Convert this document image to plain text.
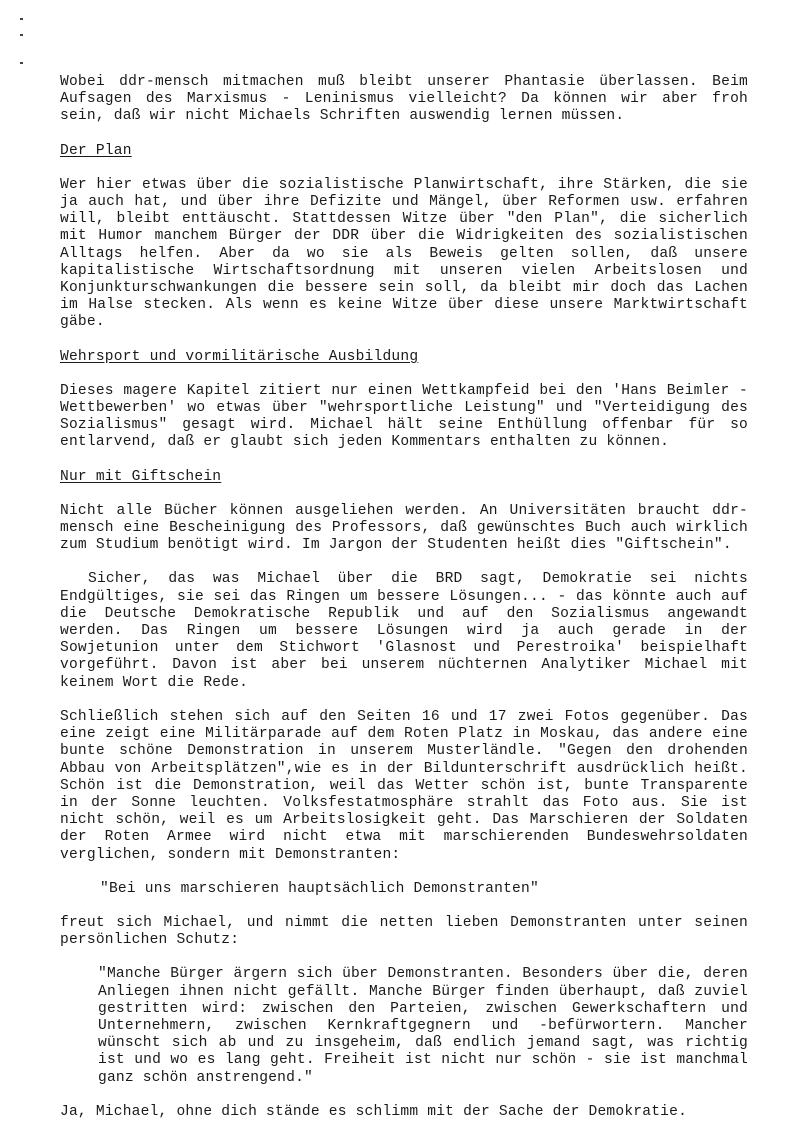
Wobei ddr-mensch mitmachen muß bleibt unserer Phantasie überlassen. Beim Aufsagen des Marxismus - Leninismus vielleicht? Da können wir aber froh sein, daß wir nicht Michaels Schriften auswendig lernen müssen.

Der Plan

Wer hier etwas über die sozialistische Planwirtschaft, ihre Stärken, die sie ja auch hat, und über ihre Defizite und Mängel, über Reformen usw. erfahren will, bleibt enttäuscht. Stattdessen Witze über "den Plan", die sicherlich mit Humor manchem Bürger der DDR über die Widrigkeiten des sozialistischen Alltags helfen. Aber da wo sie als Beweis gelten sollen, daß unsere kapitalistische Wirtschaftsordnung mit unseren vielen Arbeitslosen und Konjunkturschwankungen die bessere sein soll, da bleibt mir doch das Lachen im Halse stecken. Als wenn es keine Witze über diese unsere Marktwirtschaft gäbe.

Wehrsport und vormilitärische Ausbildung

Dieses magere Kapitel zitiert nur einen Wettkampfeid bei den 'Hans Beimler - Wettbewerben' wo etwas über "wehrsportliche Leistung" und "Verteidigung des Sozialismus" gesagt wird. Michael hält seine Enthüllung offenbar für so entlarvend, daß er glaubt sich jeden Kommentars enthalten zu können.

Nur mit Giftschein

Nicht alle Bücher können ausgeliehen werden. An Universitäten braucht ddr-mensch eine Bescheinigung des Professors, daß gewünschtes Buch auch wirklich zum Studium benötigt wird. Im Jargon der Studenten heißt dies "Giftschein".

Sicher, das was Michael über die BRD sagt, Demokratie sei nichts Endgültiges, sie sei das Ringen um bessere Lösungen... - das könnte auch auf die Deutsche Demokratische Republik und auf den Sozialismus angewandt werden. Das Ringen um bessere Lösungen wird ja auch gerade in der Sowjetunion unter dem Stichwort 'Glasnost und Perestroika' beispielhaft vorgeführt. Davon ist aber bei unserem nüchternen Analytiker Michael mit keinem Wort die Rede.

Schließlich stehen sich auf den Seiten 16 und 17 zwei Fotos gegenüber. Das eine zeigt eine Militärparade auf dem Roten Platz in Moskau, das andere eine bunte schöne Demonstration in unserem Musterländle. "Gegen den drohenden Abbau von Arbeitsplätzen",wie es in der Bildunterschrift ausdrücklich heißt. Schön ist die Demonstration, weil das Wetter schön ist, bunte Transparente in der Sonne leuchten. Volksfestatmosphäre strahlt das Foto aus. Sie ist nicht schön, weil es um Arbeitslosigkeit geht. Das Marschieren der Soldaten der Roten Armee wird nicht etwa mit marschierenden Bundeswehrsoldaten verglichen, sondern mit Demonstranten:

"Bei uns marschieren hauptsächlich Demonstranten"

freut sich Michael, und nimmt die netten lieben Demonstranten unter seinen persönlichen Schutz:

"Manche Bürger ärgern sich über Demonstranten. Besonders über die, deren Anliegen ihnen nicht gefällt. Manche Bürger finden überhaupt, daß zuviel gestritten wird: zwischen den Parteien, zwischen Gewerkschaftern und Unternehmern, zwischen Kernkraftgegnern und -befürwortern. Mancher wünscht sich ab und zu insgeheim, daß endlich jemand sagt, was richtig ist und wo es lang geht. Freiheit ist nicht nur schön - sie ist manchmal ganz schön anstrengend."

Ja, Michael, ohne dich stände es schlimm mit der Sache der Demokratie.
